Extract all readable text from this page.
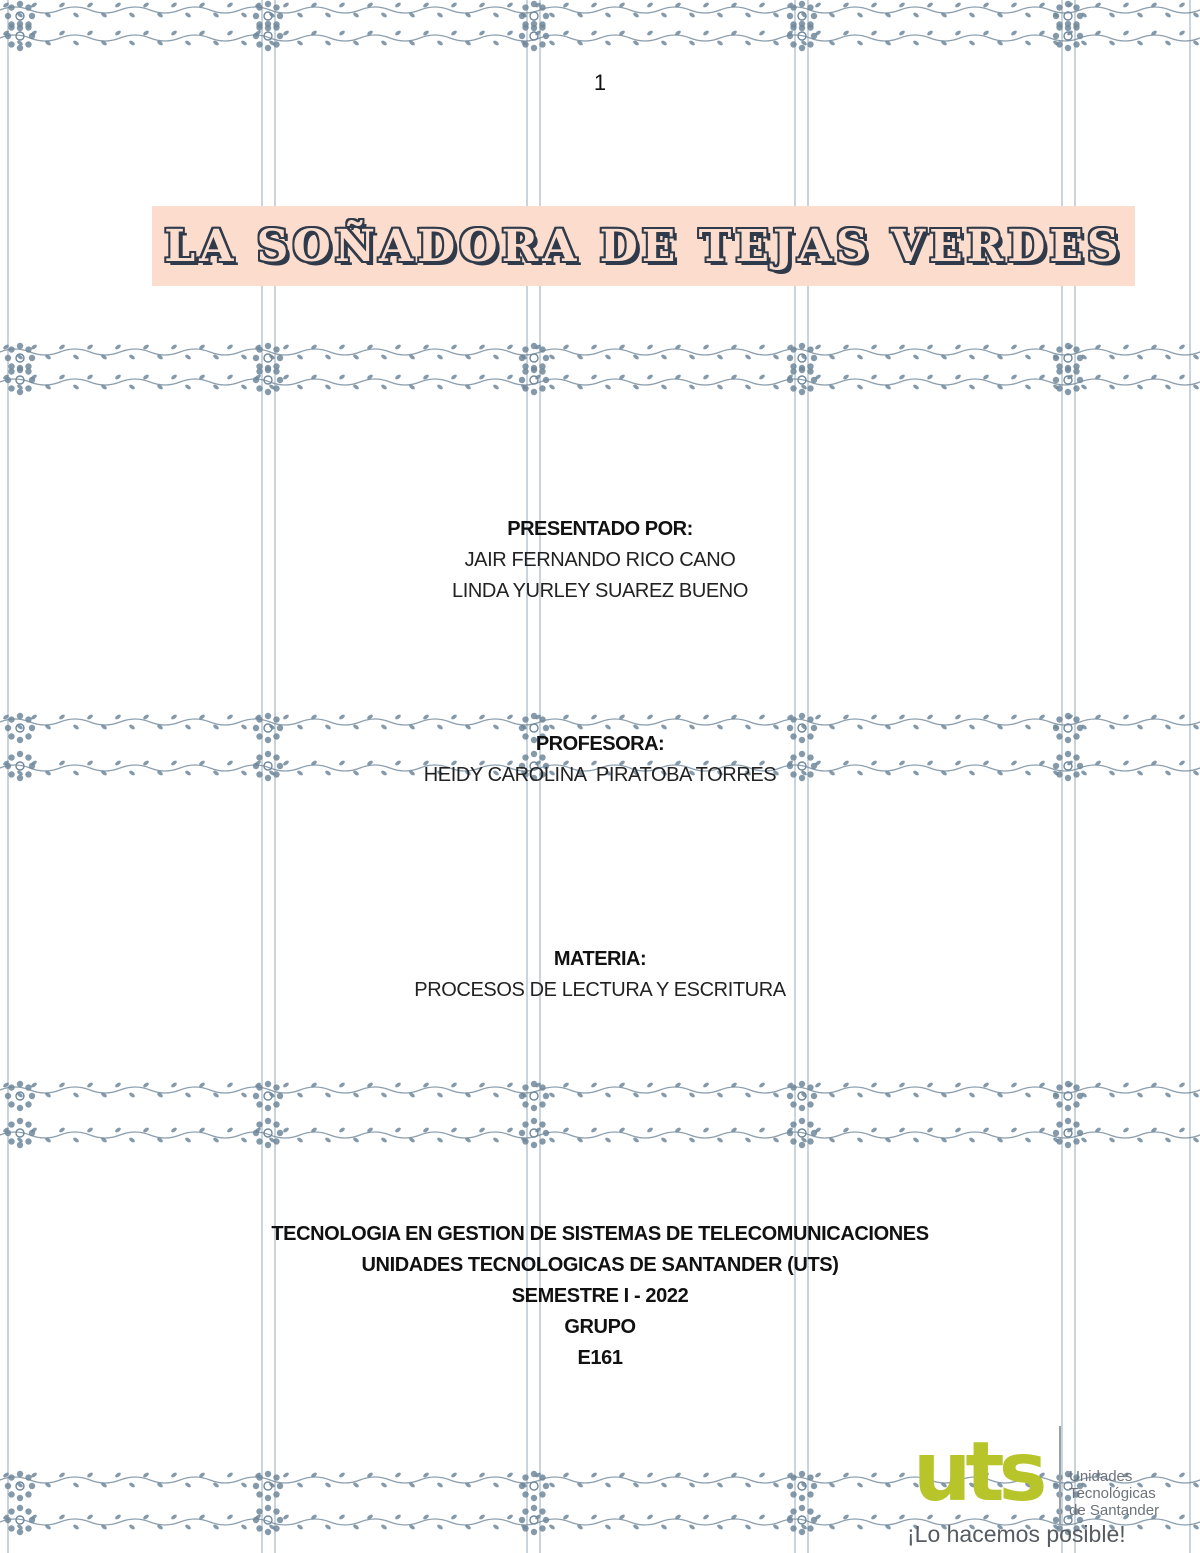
1
LA SOÑADORA DE TEJAS VERDES
PRESENTADO POR:
JAIR FERNANDO RICO CANO
LINDA YURLEY SUAREZ BUENO
PROFESORA:
HEIDY CAROLINA  PIRATOBA TORRES
MATERIA:
PROCESOS DE LECTURA Y ESCRITURA
TECNOLOGIA EN GESTION DE SISTEMAS DE TELECOMUNICACIONES
UNIDADES TECNOLOGICAS DE SANTANDER (UTS)
SEMESTRE I - 2022
GRUPO
E161
uts Unidades
Tecnológicas
de Santander
¡Lo hacemos posible!
